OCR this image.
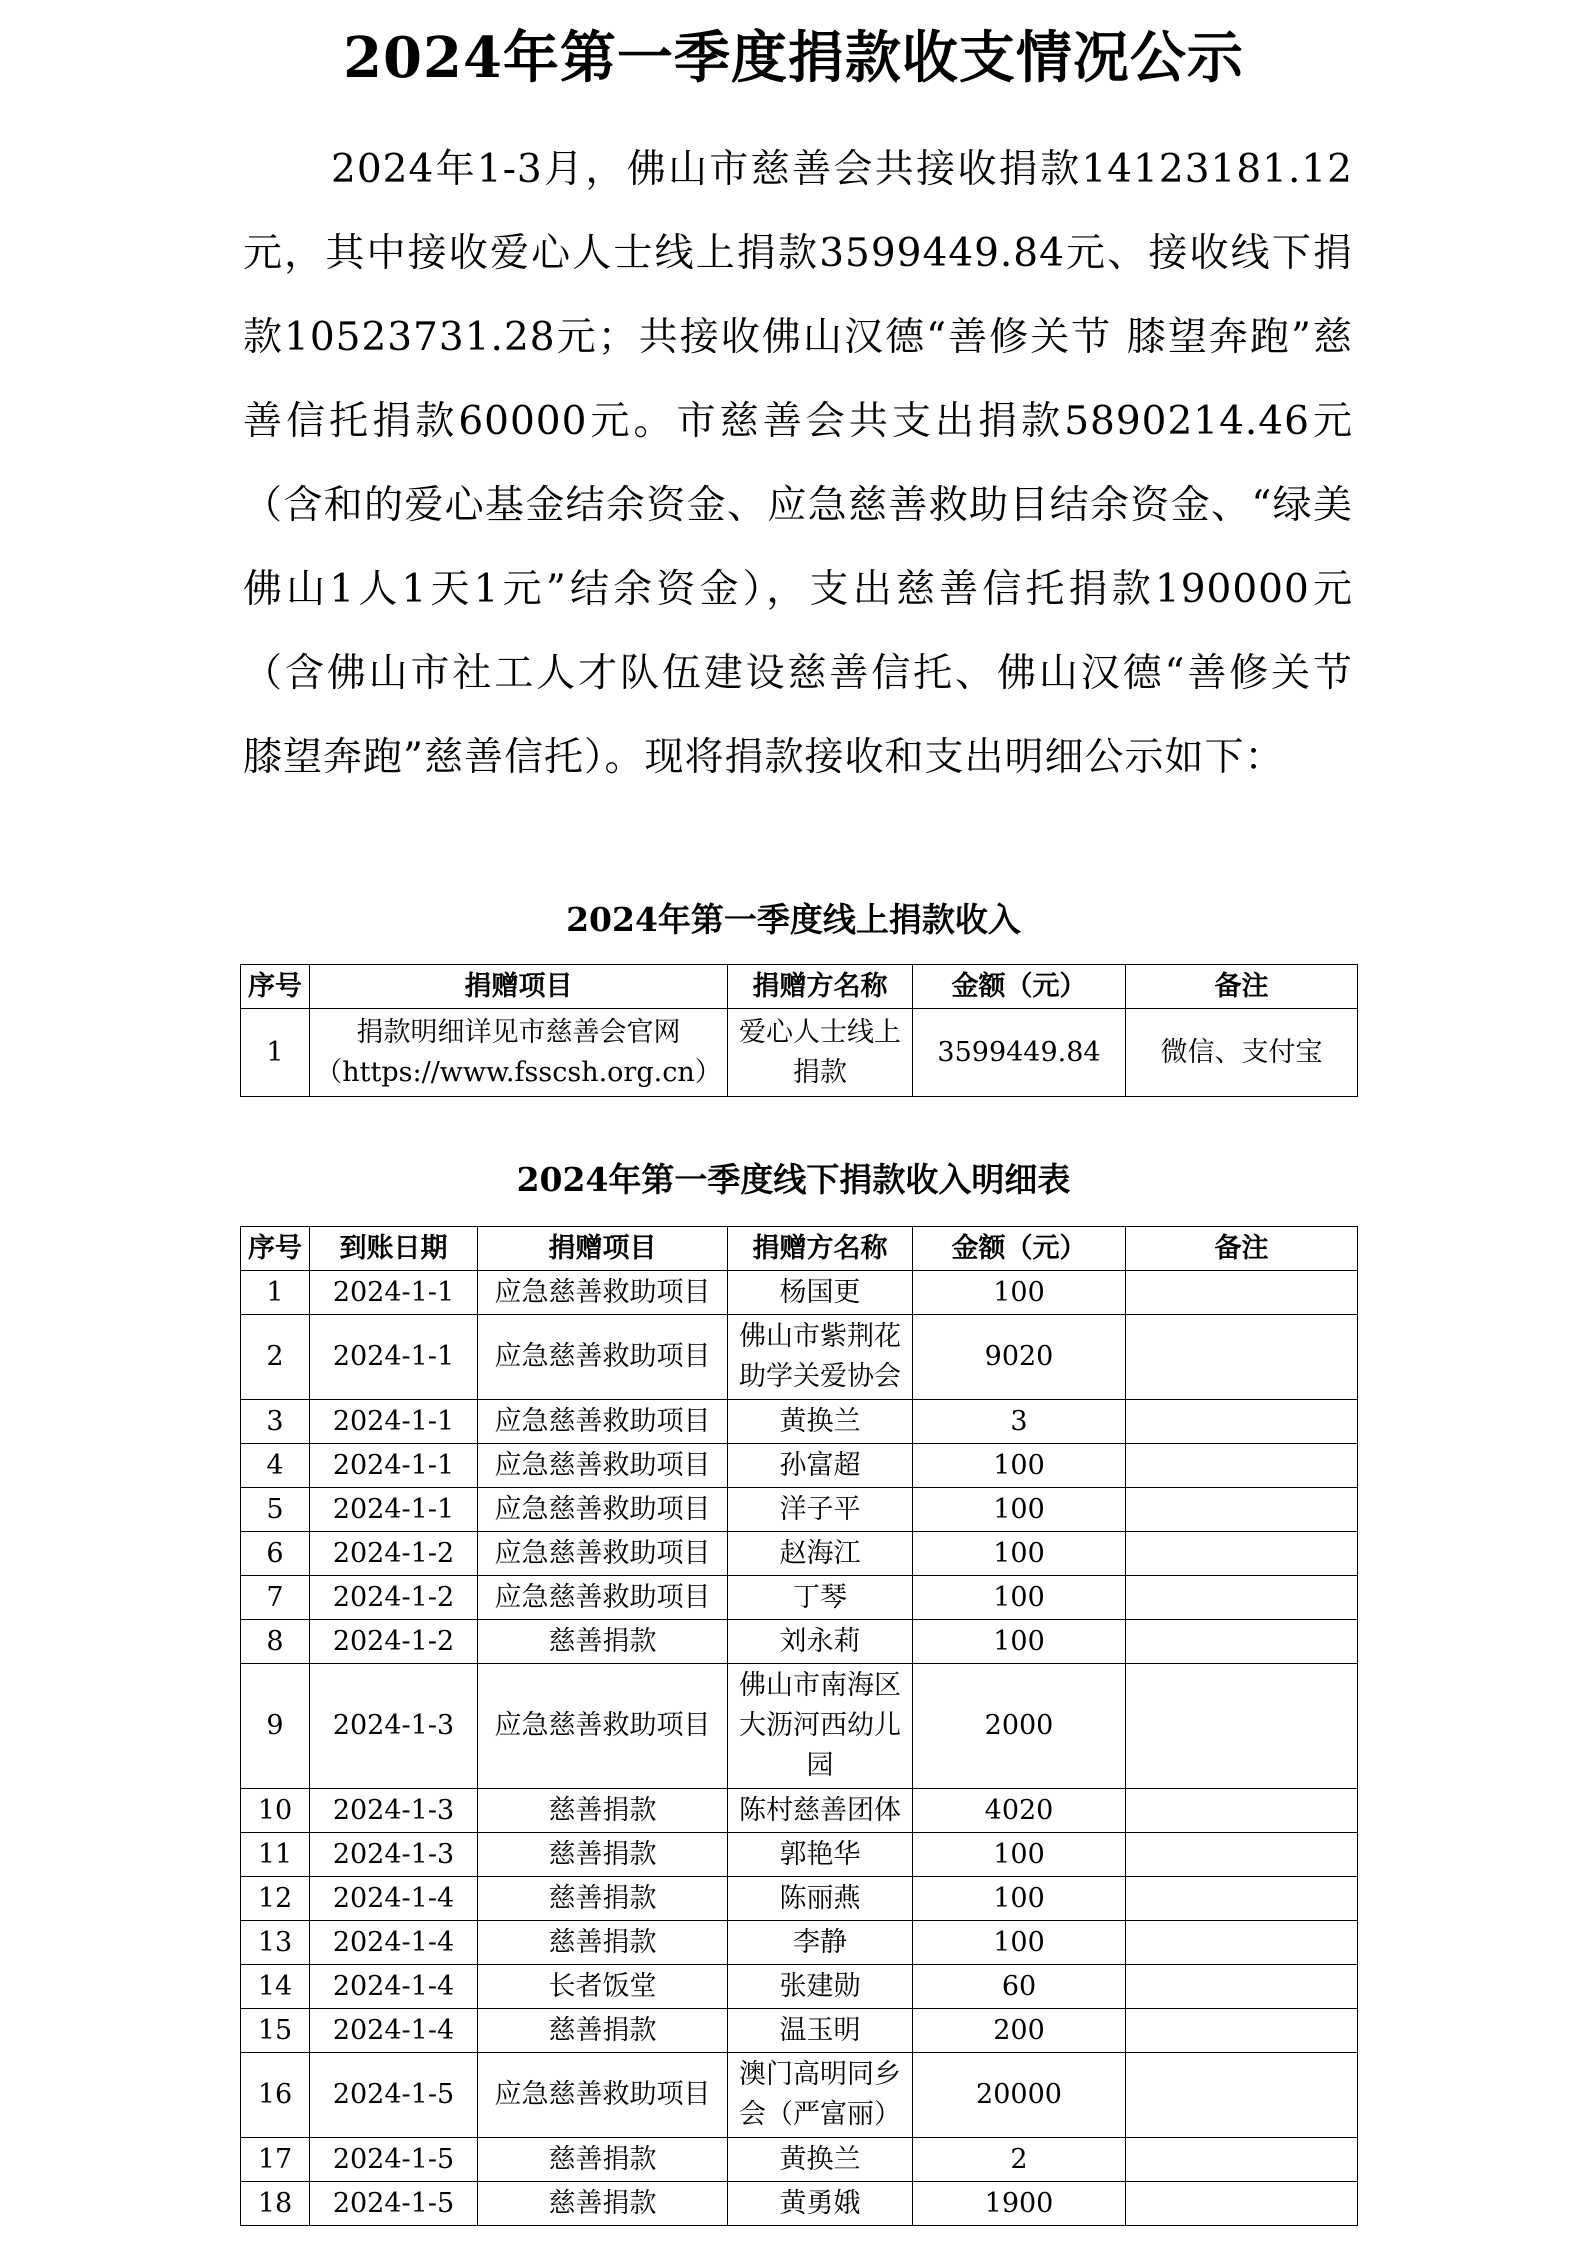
2024年第一季度捐款收支情况公示

2024年1-3月，佛山市慈善会共接收捐款14123181.12元，其中接收爱心人士线上捐款3599449.84元、接收线下捐款10523731.28元；共接收佛山汉德“善修关节 膝望奔跑”慈善信托捐款60000元。市慈善会共支出捐款5890214.46元（含和的爱心基金结余资金、应急慈善救助目结余资金、“绿美佛山1人1天1元”结余资金），支出慈善信托捐款190000元（含佛山市社工人才队伍建设慈善信托、佛山汉德“善修关节 膝望奔跑”慈善信托）。现将捐款接收和支出明细公示如下：

2024年第一季度线上捐款收入
序号	捐赠项目	捐赠方名称	金额（元）	备注
1	捐款明细详见市慈善会官网
（https://www.fsscsh.org.cn）	爱心人士线上捐款	3599449.84	微信、支付宝
2024年第一季度线下捐款收入明细表
序号	到账日期	捐赠项目	捐赠方名称	金额（元）	备注
1	2024-1-1	应急慈善救助项目	杨国更	100	
2	2024-1-1	应急慈善救助项目	佛山市紫荆花助学关爱协会	9020	
3	2024-1-1	应急慈善救助项目	黄换兰	3	
4	2024-1-1	应急慈善救助项目	孙富超	100	
5	2024-1-1	应急慈善救助项目	洋子平	100	
6	2024-1-2	应急慈善救助项目	赵海江	100	
7	2024-1-2	应急慈善救助项目	丁琴	100	
8	2024-1-2	慈善捐款	刘永莉	100	
9	2024-1-3	应急慈善救助项目	佛山市南海区大沥河西幼儿园	2000	
10	2024-1-3	慈善捐款	陈村慈善团体	4020	
11	2024-1-3	慈善捐款	郭艳华	100	
12	2024-1-4	慈善捐款	陈丽燕	100	
13	2024-1-4	慈善捐款	李静	100	
14	2024-1-4	长者饭堂	张建勋	60	
15	2024-1-4	慈善捐款	温玉明	200	
16	2024-1-5	应急慈善救助项目	澳门高明同乡会（严富丽）	20000	
17	2024-1-5	慈善捐款	黄换兰	2	
18	2024-1-5	慈善捐款	黄勇娥	1900	
